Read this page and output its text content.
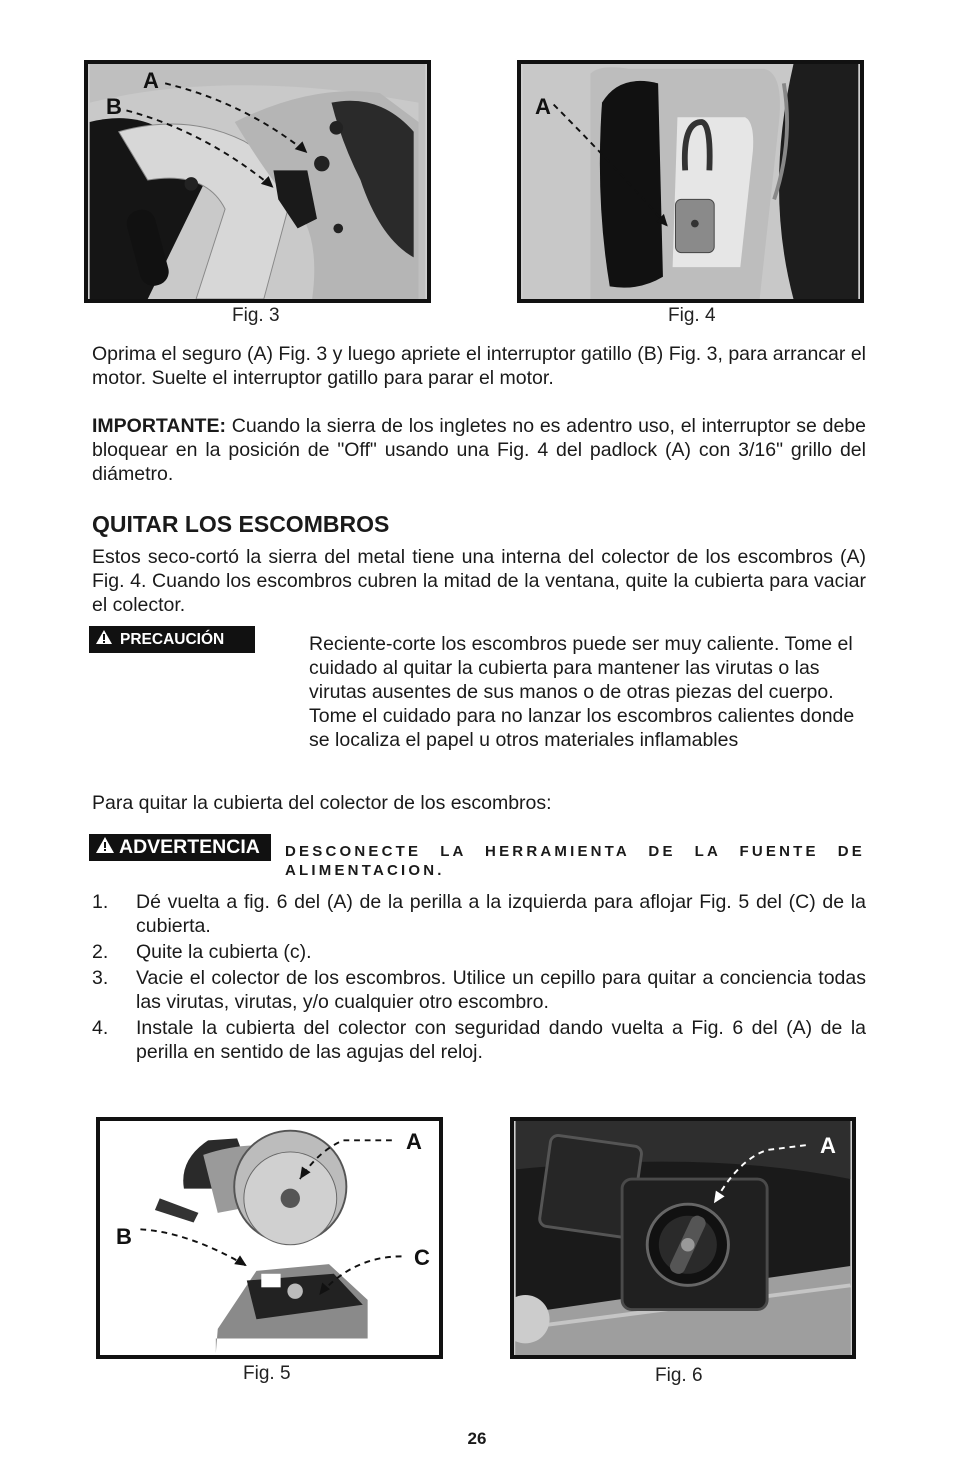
A
B
Fig. 3
A
Fig. 4

Oprima el seguro (A) Fig. 3 y luego apriete el interruptor gatillo (B) Fig. 3, para arrancar el motor. Suelte el interruptor gatillo para parar el motor.

IMPORTANTE: Cuando la sierra de los ingletes no es adentro uso, el interruptor se debe bloquear en la posición de "Off" usando una Fig. 4 del padlock (A) con 3/16" grillo del diámetro.

QUITAR LOS ESCOMBROS

Estos seco-cortó la sierra del metal tiene una interna del colector de los escombros (A) Fig. 4. Cuando los escombros cubren la mitad de la ventana, quite la cubierta para vaciar el colector.

PRECAUCIÓN	Reciente-corte los escombros puede ser muy caliente. Tome el cuidado al quitar la cubierta para mantener las virutas o las virutas ausentes de sus manos o de otras piezas del cuerpo. Tome el cuidado para no lanzar los escombros calientes donde se localiza el papel u otros materiales inflamables

Para quitar la cubierta del colector de los escombros:

ADVERTENCIA DESCONECTE LA HERRAMIENTA DE LA FUENTE DE ALIMENTACION.

1.	Dé vuelta a fig. 6 del (A) de la perilla a la izquierda para aflojar Fig. 5 del (C) de la cubierta.
2.	Quite la cubierta (c).
3.	Vacie el colector de los escombros. Utilice un cepillo para quitar a conciencia todas las virutas, virutas, y/o cualquier otro escombro.
4.	Instale la cubierta del colector con seguridad dando vuelta a Fig. 6 del (A) de la perilla en sentido de las agujas del reloj.
A
B
C
Fig. 5
A
Fig. 6
26
